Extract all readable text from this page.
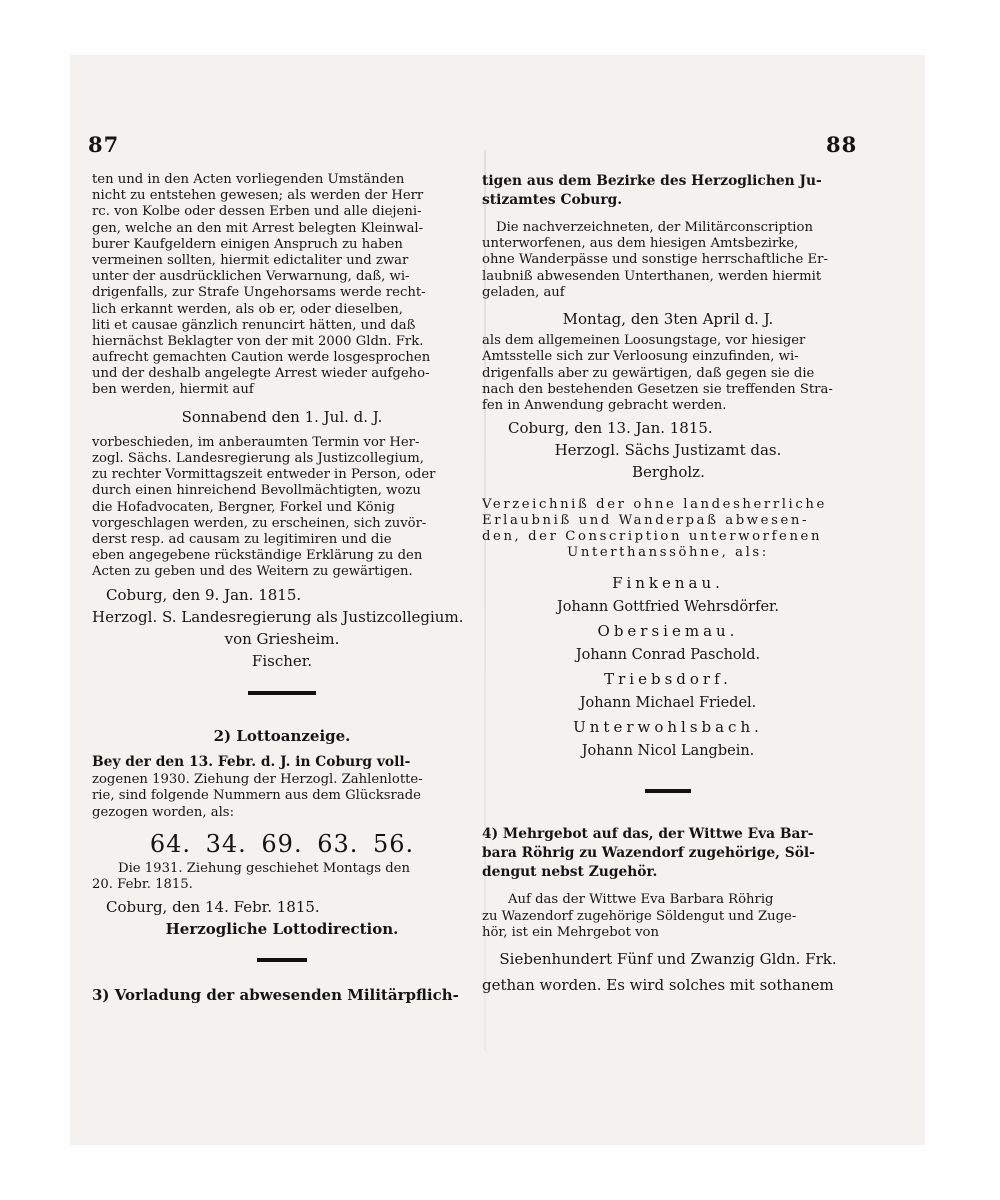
87	88
ten und in den Acten vorliegenden Umständen
nicht zu entstehen gewesen; als werden der Herr
rc. von Kolbe oder dessen Erben und alle diejeni-
gen, welche an den mit Arrest belegten Kleinwal-
burer Kaufgeldern einigen Anspruch zu haben
vermeinen sollten, hiermit edictaliter und zwar
unter der ausdrücklichen Verwarnung, daß, wi-
drigenfalls, zur Strafe Ungehorsams werde recht-
lich erkannt werden, als ob er, oder dieselben,
liti et causae gänzlich renuncirt hätten, und daß
hiernächst Beklagter von der mit 2000 Gldn. Frk.
aufrecht gemachten Caution werde losgesprochen
und der deshalb angelegte Arrest wieder aufgeho-
ben werden, hiermit auf
Sonnabend den 1. Jul. d. J.
vorbeschieden, im anberaumten Termin vor Her-
zogl. Sächs. Landesregierung als Justizcollegium,
zu rechter Vormittagszeit entweder in Person, oder
durch einen hinreichend Bevollmächtigten, wozu
die Hofadvocaten, Bergner, Forkel und König
vorgeschlagen werden, zu erscheinen, sich zuvör-
derst resp. ad causam zu legitimiren und die
eben angegebene rückständige Erklärung zu den
Acten zu geben und des Weitern zu gewärtigen.
Coburg, den 9. Jan. 1815.
Herzogl. S. Landesregierung als Justizcollegium.
von Griesheim.
Fischer.
2) Lottoanzeige.
Bey der den 13. Febr. d. J. in Coburg voll-
zogenen 1930. Ziehung der Herzogl. Zahlenlotte-
rie, sind folgende Nummern aus dem Glücksrade
gezogen worden, als:
64. 34. 69. 63. 56.
Die 1931. Ziehung geschiehet Montags den
20. Febr. 1815.
Coburg, den 14. Febr. 1815.
Herzogliche Lottodirection.
3) Vorladung der abwesenden Militärpflich-
tigen aus dem Bezirke des Herzoglichen Ju-
stizamtes Coburg.
Die nachverzeichneten, der Militärconscription
unterworfenen, aus dem hiesigen Amtsbezirke,
ohne Wanderpässe und sonstige herrschaftliche Er-
laubniß abwesenden Unterthanen, werden hiermit
geladen, auf
Montag, den 3ten April d. J.
als dem allgemeinen Loosungstage, vor hiesiger
Amtsstelle sich zur Verloosung einzufinden, wi-
drigenfalls aber zu gewärtigen, daß gegen sie die
nach den bestehenden Gesetzen sie treffenden Stra-
fen in Anwendung gebracht werden.
Coburg, den 13. Jan. 1815.
Herzogl. Sächs Justizamt das.
Bergholz.
Verzeichniß der ohne landesherrliche
Erlaubniß und Wanderpaß abwesen-
den, der Conscription unterworfenen
Unterthanssöhne, als:
Finkenau.
Johann Gottfried Wehrsdörfer.
Obersiemau.
Johann Conrad Paschold.
Triebsdorf.
Johann Michael Friedel.
Unterwohlsbach.
Johann Nicol Langbein.
4) Mehrgebot auf das, der Wittwe Eva Bar-
bara Röhrig zu Wazendorf zugehörige, Söl-
dengut nebst Zugehör.
Auf das der Wittwe Eva Barbara Röhrig
zu Wazendorf zugehörige Söldengut und Zuge-
hör, ist ein Mehrgebot von
Siebenhundert Fünf und Zwanzig Gldn. Frk.
gethan worden. Es wird solches mit sothanem
